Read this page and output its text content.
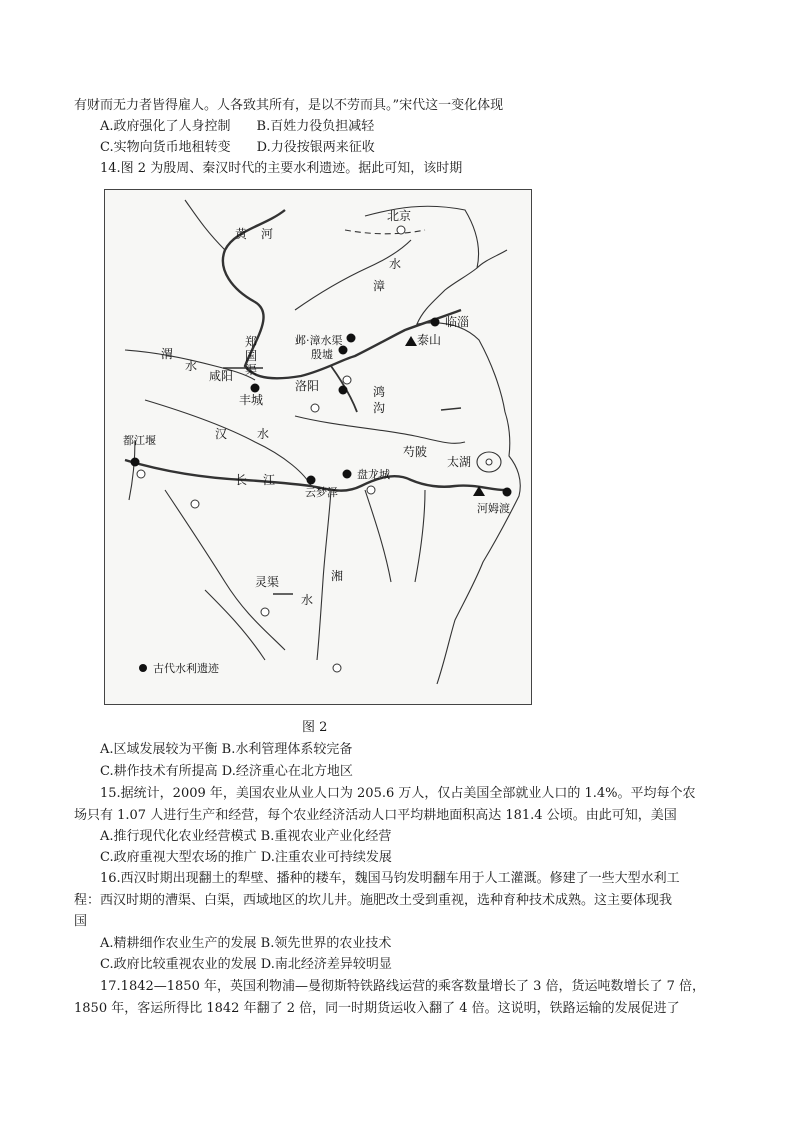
有财而无力者皆得雇人。人各致其所有，是以不劳而具。”宋代这一变化体现
A.政府强化了人身控制　　B.百姓力役负担减轻
C.实物向货币地租转变　　D.力役按银两来征收
14.图 2 为殷周、秦汉时代的主要水利遗迹。据此可知，该时期
北京
黄 河
漳
水
临淄
泰山
邺·漳水渠
殷墟
郑
国
渠
渭
水
咸阳
丰城
洛阳	鸿
沟
汉 水
都江堰
芍陂
太湖
长 江
云梦泽
盘龙城
河姆渡
湘
水
灵渠
古代水利遗迹
图 2
A.区域发展较为平衡 B.水利管理体系较完备
C.耕作技术有所提高 D.经济重心在北方地区
15.据统计，2009 年，美国农业从业人口为 205.6 万人，仅占美国全部就业人口的 1.4%。平均每个农
场只有 1.07 人进行生产和经营，每个农业经济活动人口平均耕地面积高达 181.4 公顷。由此可知，美国
A.推行现代化农业经营模式 B.重视农业产业化经营
C.政府重视大型农场的推广 D.注重农业可持续发展
16.西汉时期出现翻土的犁壁、播种的耧车，魏国马钧发明翻车用于人工灌溉。修建了一些大型水利工
程：西汉时期的漕渠、白渠，西域地区的坎儿井。施肥改土受到重视，选种育种技术成熟。这主要体现我
国
A.精耕细作农业生产的发展 B.领先世界的农业技术
C.政府比较重视农业的发展 D.南北经济差异较明显
17.1842—1850 年，英国利物浦—曼彻斯特铁路线运营的乘客数量增长了 3 倍，货运吨数增长了 7 倍，
1850 年，客运所得比 1842 年翻了 2 倍，同一时期货运收入翻了 4 倍。这说明，铁路运输的发展促进了
